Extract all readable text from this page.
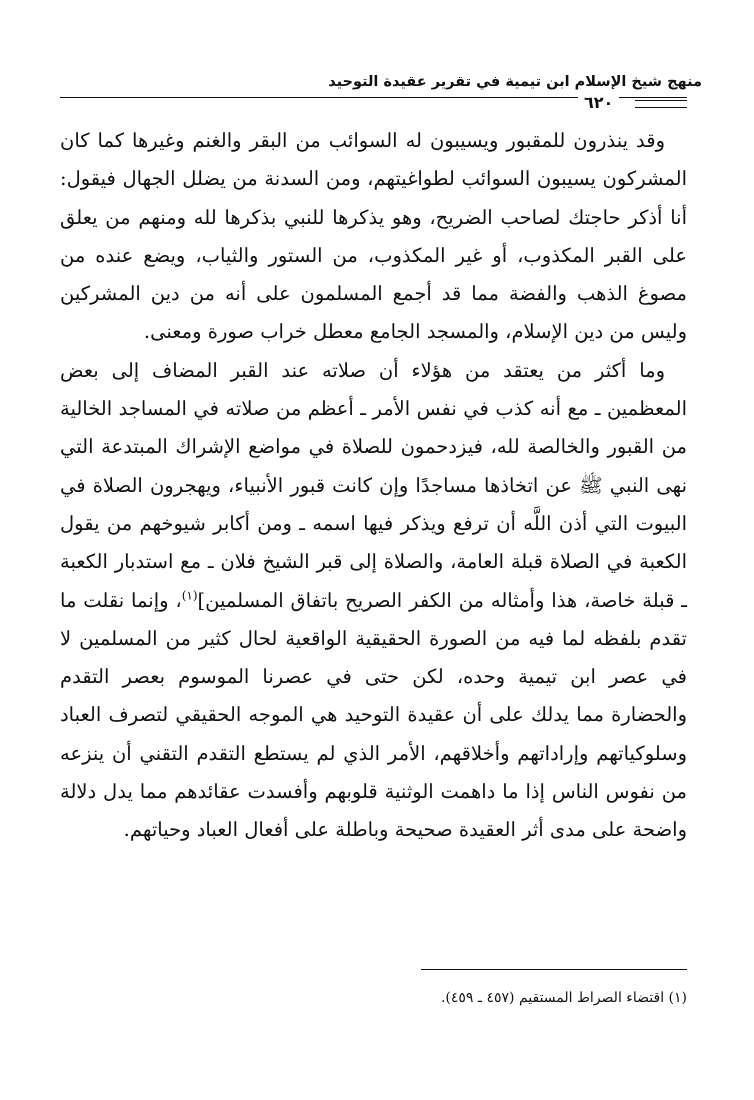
منهج شيخ الإسلام ابن تيمية في تقرير عقيدة التوحيد
٦٢٠

وقد ينذرون للمقبور ويسيبون له السوائب من البقر والغنم وغيرها كما كان المشركون يسيبون السوائب لطواغيتهم، ومن السدنة من يضلل الجهال فيقول: أنا أذكر حاجتك لصاحب الضريح، وهو يذكرها للنبي بذكرها لله ومنهم من يعلق على القبر المكذوب، أو غير المكذوب، من الستور والثياب، ويضع عنده من مصوغ الذهب والفضة مما قد أجمع المسلمون على أنه من دين المشركين وليس من دين الإسلام، والمسجد الجامع معطل خراب صورة ومعنى.

وما أكثر من يعتقد من هؤلاء أن صلاته عند القبر المضاف إلى بعض المعظمين ـ مع أنه كذب في نفس الأمر ـ أعظم من صلاته في المساجد الخالية من القبور والخالصة لله، فيزدحمون للصلاة في مواضع الإشراك المبتدعة التي نهى النبي ﷺ عن اتخاذها مساجدًا وإن كانت قبور الأنبياء، ويهجرون الصلاة في البيوت التي أذن اللَّه أن ترفع ويذكر فيها اسمه ـ ومن أكابر شيوخهم من يقول الكعبة في الصلاة قبلة العامة، والصلاة إلى قبر الشيخ فلان ـ مع استدبار الكعبة ـ قبلة خاصة، هذا وأمثاله من الكفر الصريح باتفاق المسلمين]$^{(١)}$، وإنما نقلت ما تقدم بلفظه لما فيه من الصورة الحقيقية الواقعية لحال كثير من المسلمين لا في عصر ابن تيمية وحده، لكن حتى في عصرنا الموسوم بعصر التقدم والحضارة مما يدلك على أن عقيدة التوحيد هي الموجه الحقيقي لتصرف العباد وسلوكياتهم وإراداتهم وأخلاقهم، الأمر الذي لم يستطع التقدم التقني أن ينزعه من نفوس الناس إذا ما داهمت الوثنية قلوبهم وأفسدت عقائدهم مما يدل دلالة واضحة على مدى أثر العقيدة صحيحة وباطلة على أفعال العباد وحياتهم.

(١) اقتضاء الصراط المستقيم (٤٥٧ ـ ٤٥٩).
